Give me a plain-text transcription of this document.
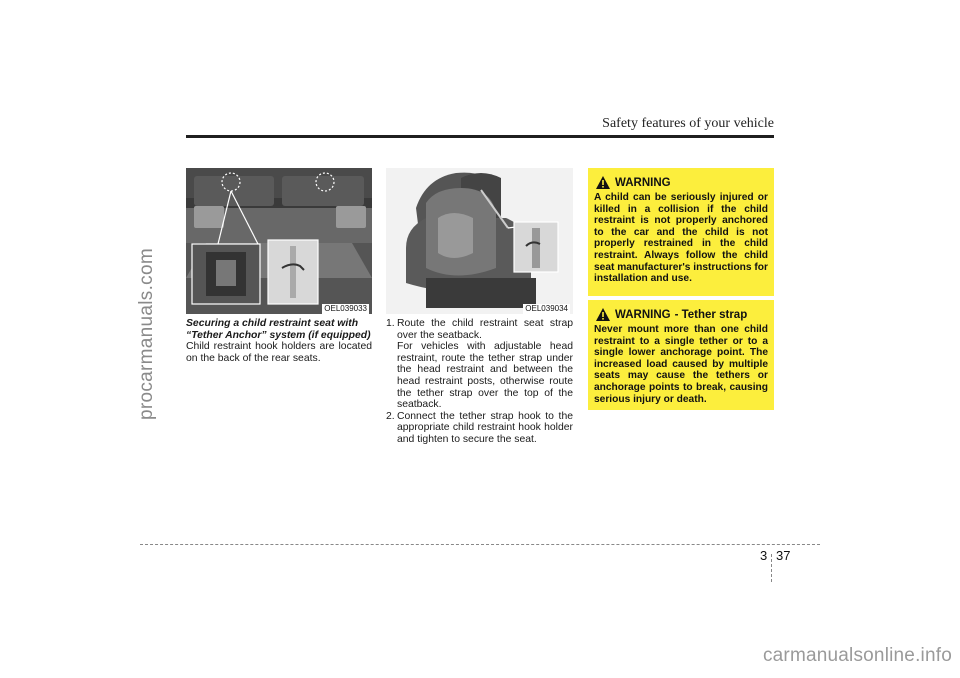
procarmanuals.com
Safety features of your vehicle
OEL039033	OEL039034
Securing a child restraint seat with “Tether Anchor” system (if equipped)
Child restraint hook holders are located on the back of the rear seats.

1. Route the child restraint seat strap over the seatback.

For vehicles with adjustable head restraint, route the tether strap under the head restraint and between the head restraint posts, otherwise route the tether strap over the top of the seatback.

2. Connect the tether strap hook to the appropriate child restraint hook holder and tighten to secure the seat.

WARNING
A child can be seriously injured or killed in a collision if the child restraint is not properly anchored to the car and the child is not properly restrained in the child restraint. Always follow the child seat manufacturer's instructions for installation and use.
WARNING - Tether strap
Never mount more than one child restraint to a single tether or to a single lower anchorage point. The increased load caused by multiple seats may cause the tethers or anchorage points to break, causing serious injury or death.
3 37
carmanualsonline.info
